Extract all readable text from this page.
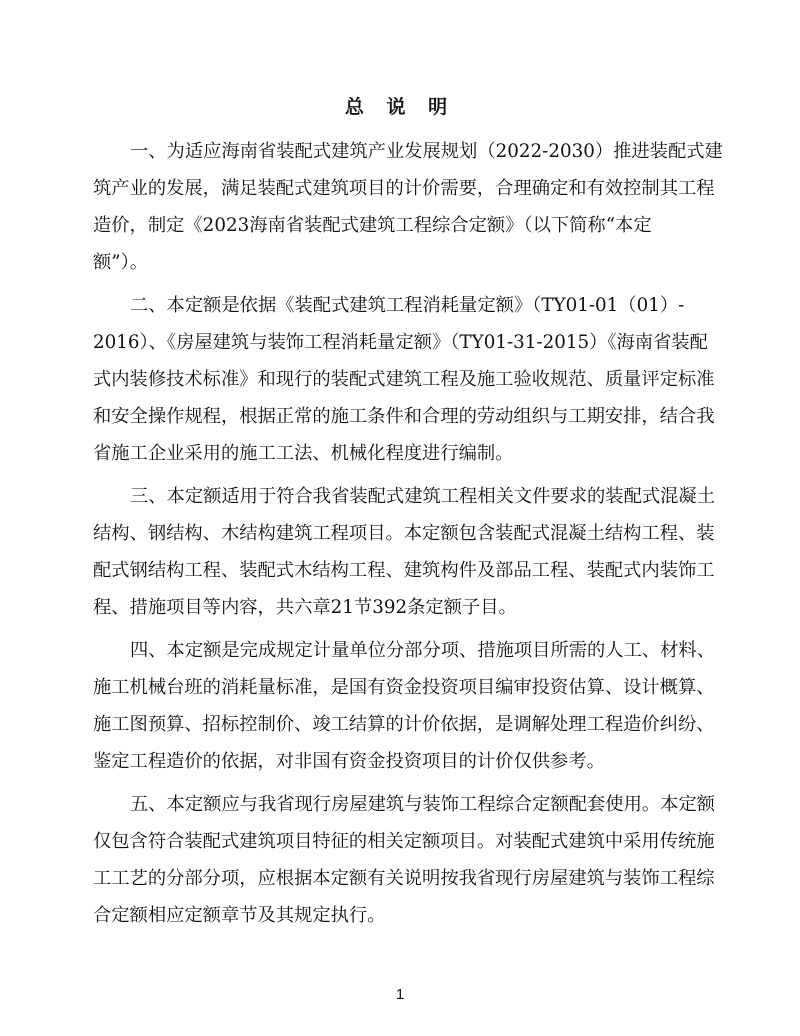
总 说 明
一、为适应海南省装配式建筑产业发展规划（2022-2030）推进装配式建
筑产业的发展，满足装配式建筑项目的计价需要，合理确定和有效控制其工程
造价，制定《2023海南省装配式建筑工程综合定额》（以下简称“本定
额”）。
二、本定额是依据《装配式建筑工程消耗量定额》（TY01-01（01）-
2016）、《房屋建筑与装饰工程消耗量定额》（TY01-31-2015）《海南省装配
式内装修技术标准》和现行的装配式建筑工程及施工验收规范、质量评定标准
和安全操作规程，根据正常的施工条件和合理的劳动组织与工期安排，结合我
省施工企业采用的施工工法、机械化程度进行编制。
三、本定额适用于符合我省装配式建筑工程相关文件要求的装配式混凝土
结构、钢结构、木结构建筑工程项目。本定额包含装配式混凝土结构工程、装
配式钢结构工程、装配式木结构工程、建筑构件及部品工程、装配式内装饰工
程、措施项目等内容，共六章21节392条定额子目。
四、本定额是完成规定计量单位分部分项、措施项目所需的人工、材料、
施工机械台班的消耗量标准，是国有资金投资项目编审投资估算、设计概算、
施工图预算、招标控制价、竣工结算的计价依据，是调解处理工程造价纠纷、
鉴定工程造价的依据，对非国有资金投资项目的计价仅供参考。
五、本定额应与我省现行房屋建筑与装饰工程综合定额配套使用。本定额
仅包含符合装配式建筑项目特征的相关定额项目。对装配式建筑中采用传统施
工工艺的分部分项，应根据本定额有关说明按我省现行房屋建筑与装饰工程综
合定额相应定额章节及其规定执行。
1
